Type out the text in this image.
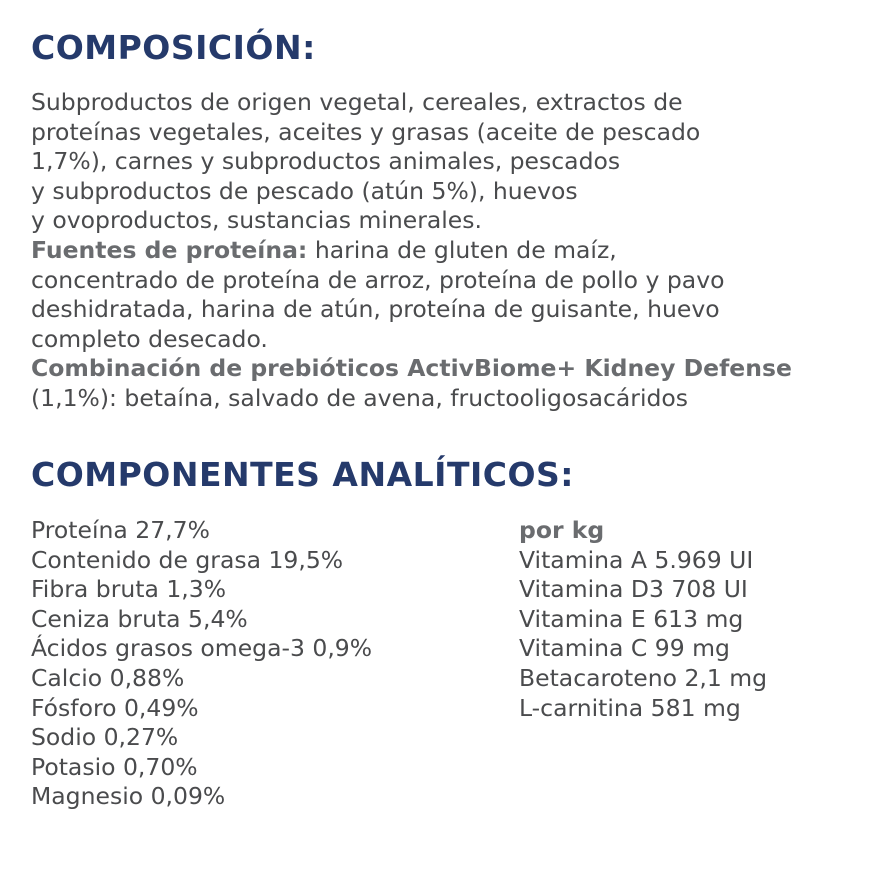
COMPOSICIÓN:
Subproductos de origen vegetal, cereales, extractos de
proteínas vegetales, aceites y grasas (aceite de pescado
1,7%), carnes y subproductos animales, pescados
y subproductos de pescado (atún 5%), huevos
y ovoproductos, sustancias minerales.
Fuentes de proteína: harina de gluten de maíz,
concentrado de proteína de arroz, proteína de pollo y pavo
deshidratada, harina de atún, proteína de guisante, huevo
completo desecado.
Combinación de prebióticos ActivBiome+ Kidney Defense
(1,1%): betaína, salvado de avena, fructooligosacáridos
COMPONENTES ANALÍTICOS:
Proteína 27,7%
Contenido de grasa 19,5%
Fibra bruta 1,3%
Ceniza bruta 5,4%
Ácidos grasos omega-3 0,9%
Calcio 0,88%
Fósforo 0,49%
Sodio 0,27%
Potasio 0,70%
Magnesio 0,09%
por kg
Vitamina A 5.969 UI
Vitamina D3 708 UI
Vitamina E 613 mg
Vitamina C 99 mg
Betacaroteno 2,1 mg
L-carnitina 581 mg
